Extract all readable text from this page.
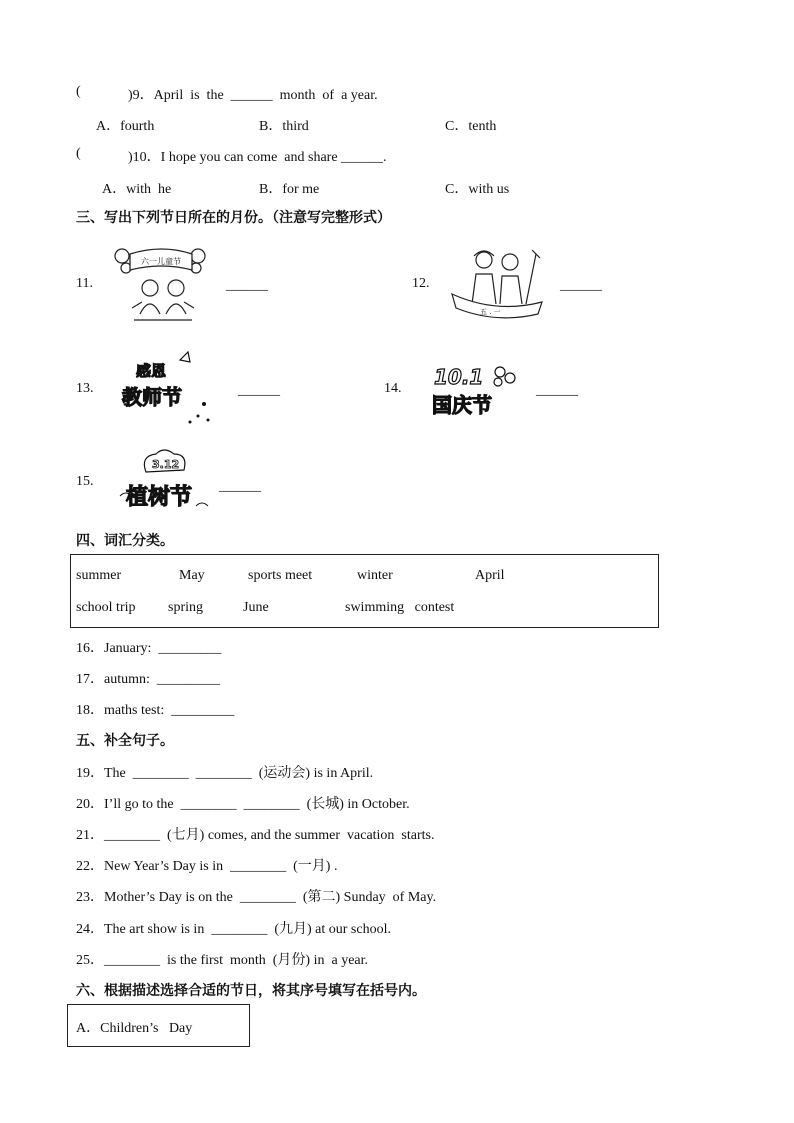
(	)9．April  is  the  ______  month  of  a year.
A．fourth	B．third	C．tenth
(	)10．I hope you can come  and share ______.
A．with  he	B．for me	C．with us
三、写出下列节日所在的月份。（注意写完整形式）
11.
六一儿童节
______	12.
五 . 一
______
13.
感恩
教师节	______	14. 10.1
国庆节
______
15.
3.12
植树节 ______
四、词汇分类。
summer	May	sports meet	winter	April
school trip spring	June	swimming   contest
16．January:  _________
17．autumn:  _________
18．maths test:  _________
五、补全句子。
19．The  ________  ________  (运动会) is in April.
20．I’ll go to the  ________  ________  (长城) in October.
21．________  (七月) comes, and the summer  vacation  starts.
22．New Year’s Day is in  ________  (一月) .
23．Mother’s Day is on the  ________  (第二) Sunday  of May.
24．The art show is in  ________  (九月) at our school.
25．________  is the first  month  (月份) in  a year.
六、根据描述选择合适的节日，将其序号填写在括号内。
A．Children’s   Day
